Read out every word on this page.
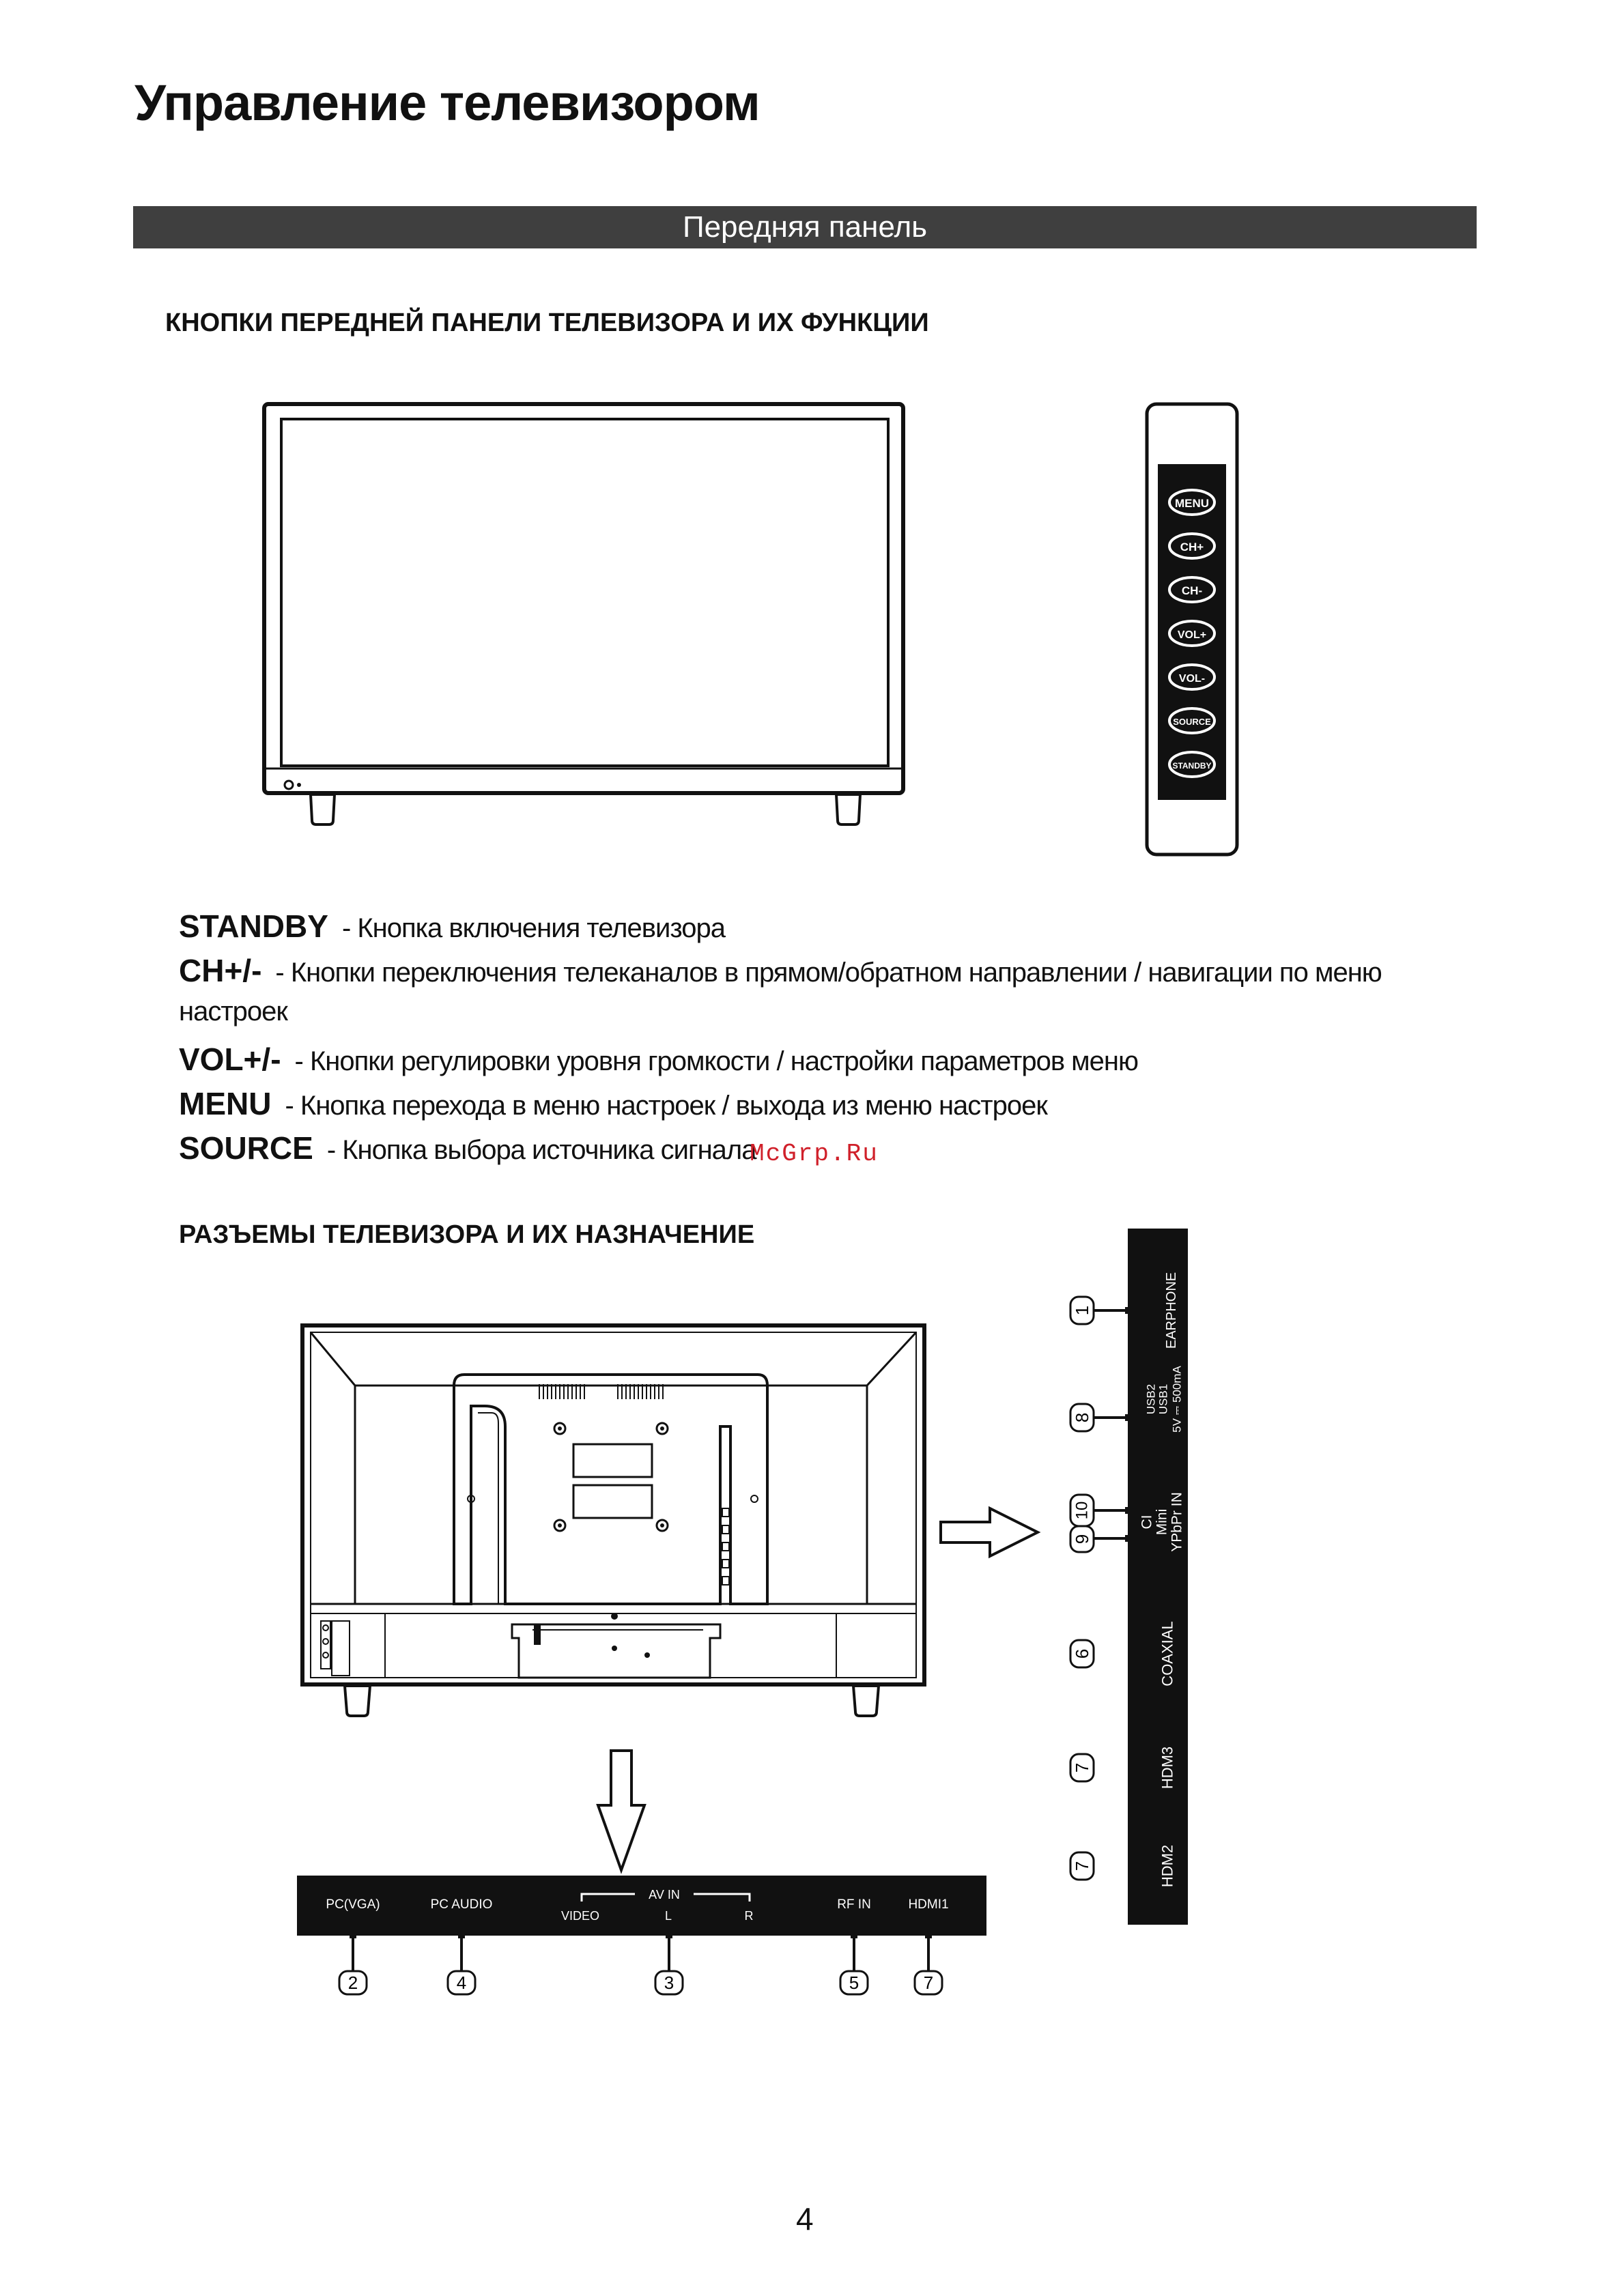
Управление телевизором
Передняя панель
КНОПКИ ПЕРЕДНЕЙ ПАНЕЛИ ТЕЛЕВИЗОРА И ИХ ФУНКЦИИ
MENU
CH+
CH-
VOL+
VOL-
SOURCE
STANDBY
STANDBY - Кнопка включения телевизора
CH+/- - Кнопки переключения телеканалов в прямом/обратном направлении / навигации по меню
настроек
VOL+/- - Кнопки регулировки уровня громкости / настройки параметров меню
MENU - Кнопка перехода в меню настроек / выхода из меню настроек
SOURCE - Кнопка выбора источника сигнала
McGrp.Ru
РАЗЪЕМЫ ТЕЛЕВИЗОРА И ИХ НАЗНАЧЕНИЕ
1	EARPHONE
8
USB2 USB1 5V ⎓ 500mA
10
CI
9
Mini YPbPr IN
6	COAXIAL
7	HDM3
7	HDM2
PC(VGA)	PC AUDIO
AV IN
VIDEO	L	R
RF IN	HDMI1
2	4	3	5	7
4
